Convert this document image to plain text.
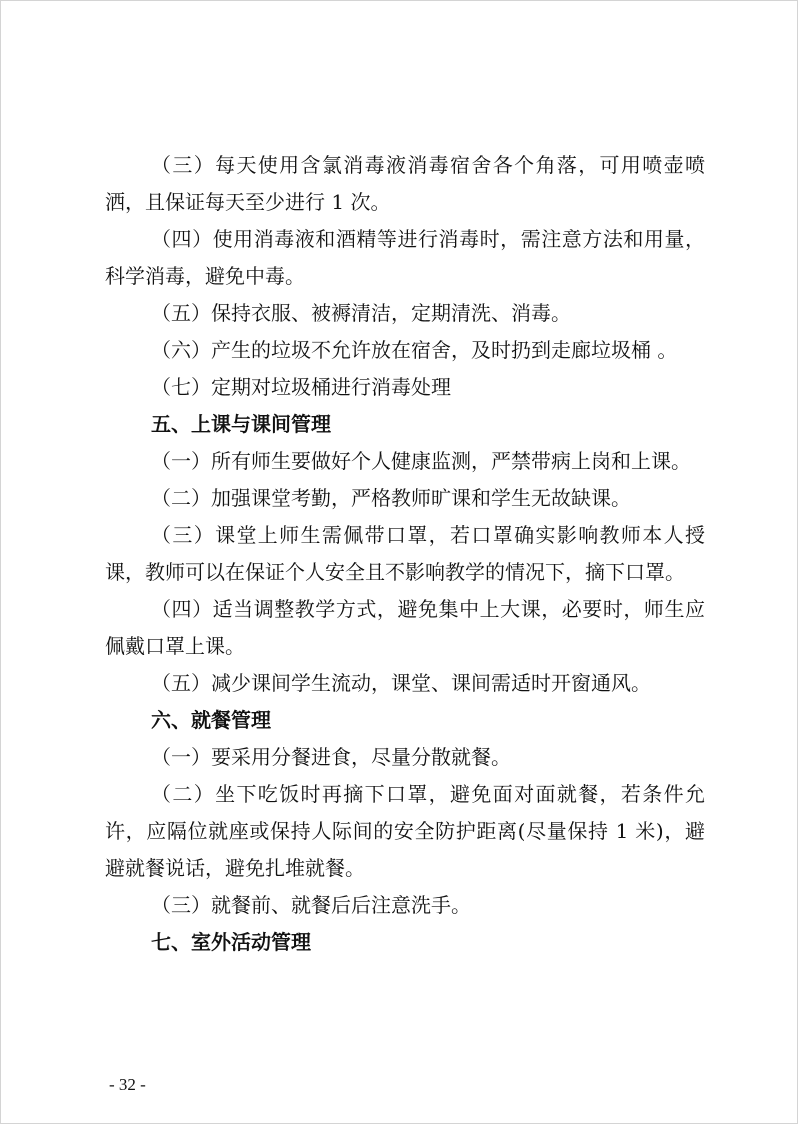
（三）每天使用含氯消毒液消毒宿舍各个角落，可用喷壶喷洒，且保证每天至少进行 1 次。

（四）使用消毒液和酒精等进行消毒时，需注意方法和用量，科学消毒，避免中毒。

（五）保持衣服、被褥清洁，定期清洗、消毒。

（六）产生的垃圾不允许放在宿舍，及时扔到走廊垃圾桶 。

（七）定期对垃圾桶进行消毒处理

五、上课与课间管理

（一）所有师生要做好个人健康监测，严禁带病上岗和上课。

（二）加强课堂考勤，严格教师旷课和学生无故缺课。

（三）课堂上师生需佩带口罩，若口罩确实影响教师本人授课，教师可以在保证个人安全且不影响教学的情况下，摘下口罩。

（四）适当调整教学方式，避免集中上大课，必要时，师生应佩戴口罩上课。

（五）减少课间学生流动，课堂、课间需适时开窗通风。

六、就餐管理

（一）要采用分餐进食，尽量分散就餐。

（二）坐下吃饭时再摘下口罩，避免面对面就餐，若条件允许，应隔位就座或保持人际间的安全防护距离(尽量保持 1 米)，避避就餐说话，避免扎堆就餐。

（三）就餐前、就餐后后注意洗手。

七、室外活动管理

- 32 -
